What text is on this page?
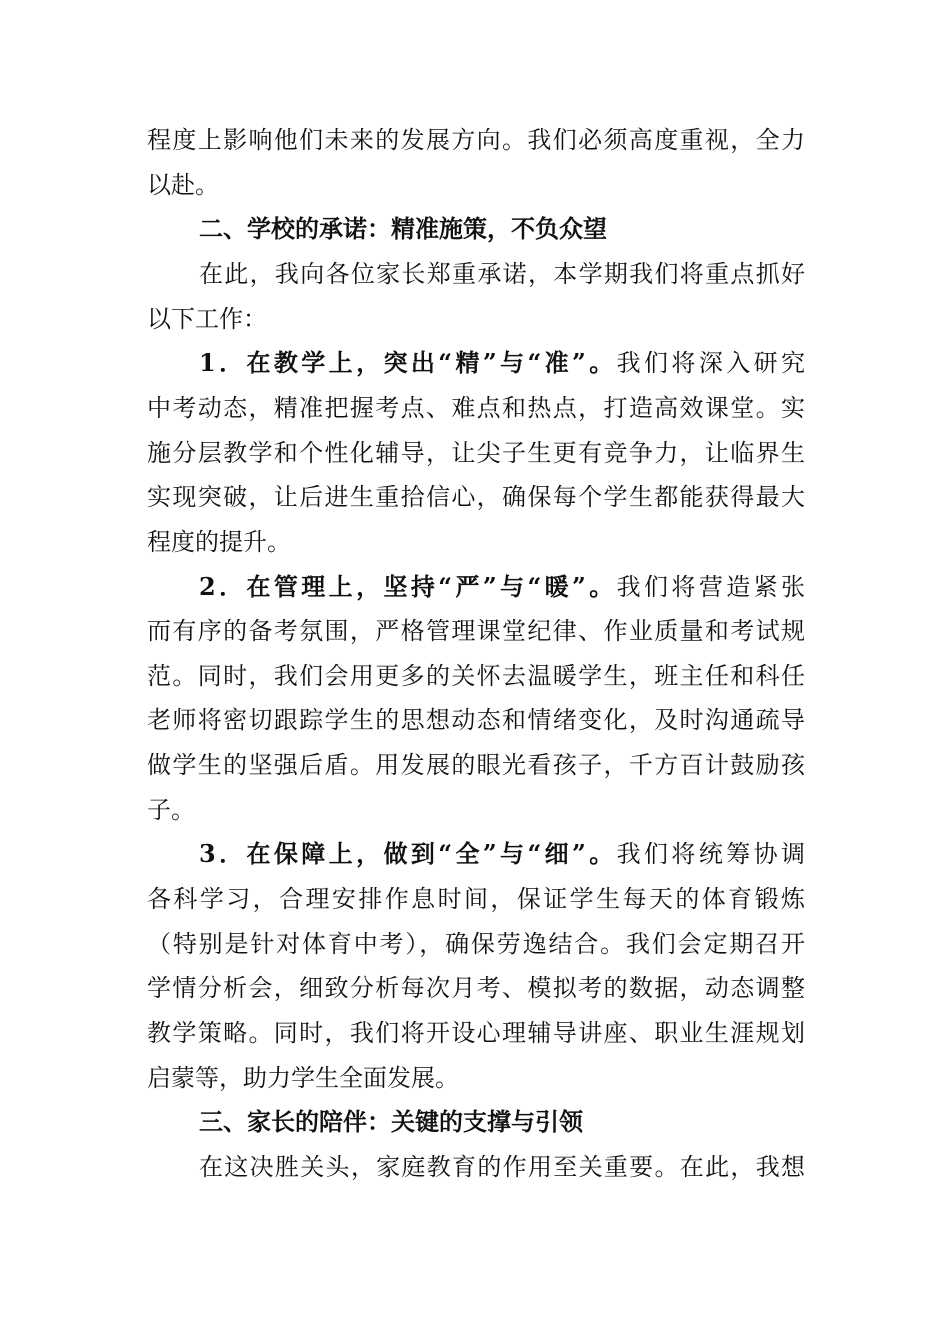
程度上影响他们未来的发展方向。我们必须高度重视，全力
以赴。
二、学校的承诺：精准施策，不负众望
在此，我向各位家长郑重承诺，本学期我们将重点抓好
以下工作：
1．在教学上，突出“精”与“准”。我们将深入研究
中考动态，精准把握考点、难点和热点，打造高效课堂。实
施分层教学和个性化辅导，让尖子生更有竞争力，让临界生
实现突破，让后进生重拾信心，确保每个学生都能获得最大
程度的提升。
2．在管理上，坚持“严”与“暖”。我们将营造紧张
而有序的备考氛围，严格管理课堂纪律、作业质量和考试规
范。同时，我们会用更多的关怀去温暖学生，班主任和科任
老师将密切跟踪学生的思想动态和情绪变化，及时沟通疏导
做学生的坚强后盾。用发展的眼光看孩子，千方百计鼓励孩
子。
3．在保障上，做到“全”与“细”。我们将统筹协调
各科学习，合理安排作息时间，保证学生每天的体育锻炼
（特别是针对体育中考），确保劳逸结合。我们会定期召开
学情分析会，细致分析每次月考、模拟考的数据，动态调整
教学策略。同时，我们将开设心理辅导讲座、职业生涯规划
启蒙等，助力学生全面发展。
三、家长的陪伴：关键的支撑与引领
在这决胜关头，家庭教育的作用至关重要。在此，我想
